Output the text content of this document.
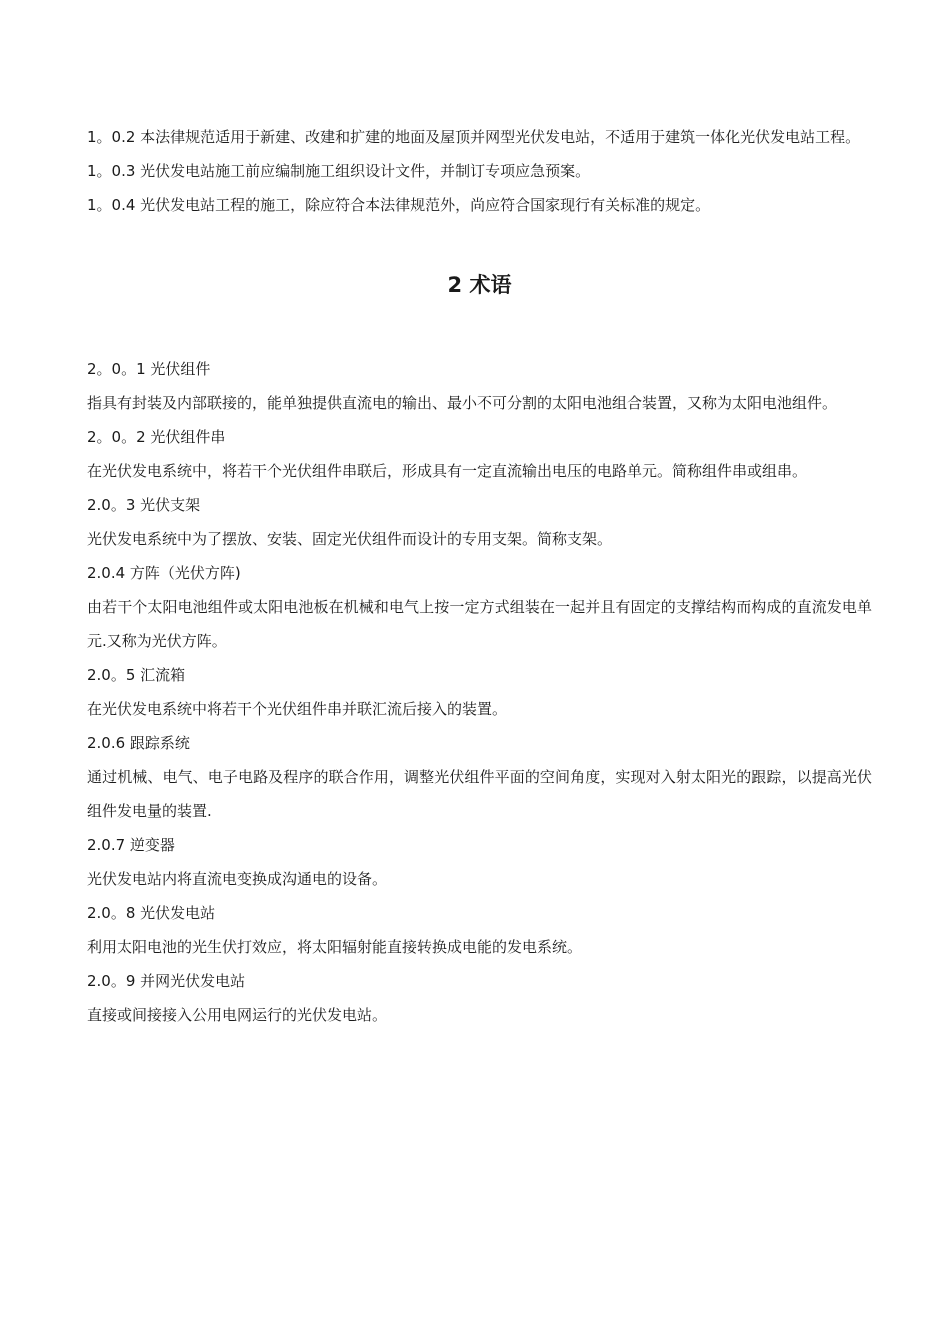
1。0.2 本法律规范适用于新建、改建和扩建的地面及屋顶并网型光伏发电站，不适用于建筑一体化光伏发电站工程。

1。0.3 光伏发电站施工前应编制施工组织设计文件，并制订专项应急预案。

1。0.4 光伏发电站工程的施工，除应符合本法律规范外，尚应符合国家现行有关标准的规定。

2 术语

2。0。1 光伏组件

指具有封装及内部联接的，能单独提供直流电的输出、最小不可分割的太阳电池组合装置，又称为太阳电池组件。

2。0。2 光伏组件串

在光伏发电系统中，将若干个光伏组件串联后，形成具有一定直流输出电压的电路单元。简称组件串或组串。

2.0。3 光伏支架

光伏发电系统中为了摆放、安装、固定光伏组件而设计的专用支架。简称支架。

2.0.4 方阵（光伏方阵)

由若干个太阳电池组件或太阳电池板在机械和电气上按一定方式组装在一起并且有固定的支撑结构而构成的直流发电单元.又称为光伏方阵。

2.0。5 汇流箱

在光伏发电系统中将若干个光伏组件串并联汇流后接入的装置。

2.0.6 跟踪系统

通过机械、电气、电子电路及程序的联合作用，调整光伏组件平面的空间角度，实现对入射太阳光的跟踪，以提高光伏组件发电量的装置.

2.0.7 逆变器

光伏发电站内将直流电变换成沟通电的设备。

2.0。8 光伏发电站

利用太阳电池的光生伏打效应，将太阳辐射能直接转换成电能的发电系统。

2.0。9 并网光伏发电站

直接或间接接入公用电网运行的光伏发电站。
